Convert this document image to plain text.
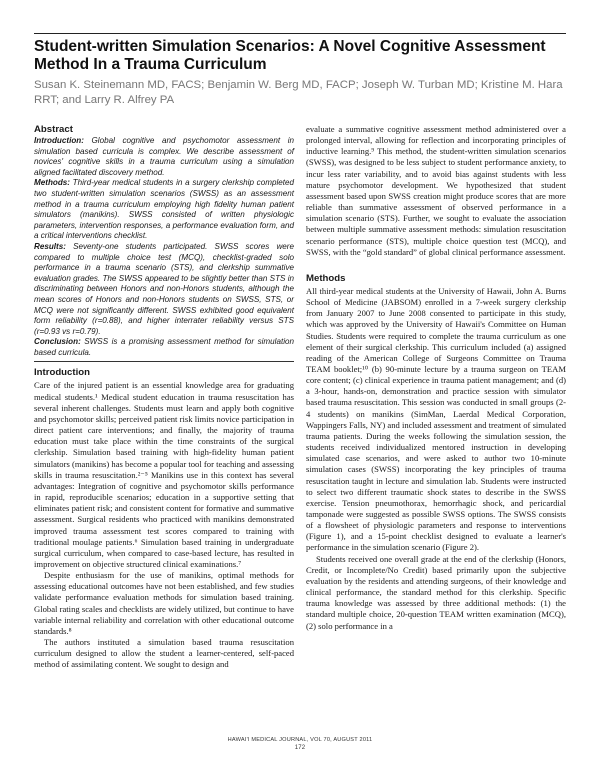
Student-written Simulation Scenarios: A Novel Cognitive Assessment Method In a Trauma Curriculum
Susan K. Steinemann MD, FACS; Benjamin W. Berg MD, FACP; Joseph W. Turban MD; Kristine M. Hara RRT; and Larry R. Alfrey PA
Abstract

Introduction: Global cognitive and psychomotor assessment in simulation based curricula is complex. We describe assessment of novices' cognitive skills in a trauma curriculum using a simulation aligned facilitated discovery method.

Methods: Third-year medical students in a surgery clerkship completed two student-written simulation scenarios (SWSS) as an assessment method in a trauma curriculum employing high fidelity human patient simulators (manikins). SWSS consisted of written physiologic parameters, intervention responses, a performance evaluation form, and a critical interventions checklist.

Results: Seventy-one students participated. SWSS scores were compared to multiple choice test (MCQ), checklist-graded solo performance in a trauma scenario (STS), and clerkship summative evaluation grades. The SWSS appeared to be slightly better than STS in discriminating between Honors and non-Honors students, although the mean scores of Honors and non-Honors students on SWSS, STS, or MCQ were not significantly different. SWSS exhibited good equivalent form reliability (r=0.88), and higher interrater reliability versus STS (r=0.93 vs r=0.79).

Conclusion: SWSS is a promising assessment method for simulation based curricula.

Introduction

Care of the injured patient is an essential knowledge area for graduating medical students.¹ Medical student education in trauma resuscitation has several inherent challenges. Students must learn and apply both cognitive and psychomotor skills; perceived patient risk limits novice participation in direct patient care interventions; and finally, the majority of trauma education must take place within the time constraints of the surgical clerkship. Simulation based training with high-fidelity human patient simulators (manikins) has become a popular tool for teaching and assessing skills in trauma resuscitation.²⁻⁵ Manikins use in this context has several advantages: Integration of cognitive and psychomotor skills performance in rapid, reproducible scenarios; education in a supportive setting that eliminates patient risk; and consistent content for formative and summative assessment. Surgical residents who practiced with manikins demonstrated improved trauma assessment test scores compared to training with traditional moulage patients.⁶ Simulation based training in undergraduate surgical curriculum, when compared to case-based lecture, has resulted in improvement on objective structured clinical examinations.⁷

Despite enthusiasm for the use of manikins, optimal methods for assessing educational outcomes have not been established, and few studies validate performance evaluation methods for simulation based training. Global rating scales and checklists are widely utilized, but continue to have variable internal reliability and correlation with other educational outcome standards.⁸

The authors instituted a simulation based trauma resuscitation curriculum designed to allow the student a learner-centered, self-paced method of assimilating content. We sought to design and

evaluate a summative cognitive assessment method administered over a prolonged interval, allowing for reflection and incorporating principles of inductive learning.⁹ This method, the student-written simulation scenarios (SWSS), was designed to be less subject to student performance anxiety, to incur less rater variability, and to avoid bias against students with less mature psychomotor development. We hypothesized that student assessment based upon SWSS creation might produce scores that are more reliable than summative assessment of observed performance in a simulation scenario (STS). Further, we sought to evaluate the association between multiple summative assessment methods: simulation resuscitation scenario performance (STS), multiple choice question test (MCQ), and SWSS, with the “gold standard” of global clinical performance assessment.

Methods

All third-year medical students at the University of Hawaii, John A. Burns School of Medicine (JABSOM) enrolled in a 7-week surgery clerkship from January 2007 to June 2008 consented to participate in this study, which was approved by the University of Hawaii's Committee on Human Studies. Students were required to complete the trauma curriculum as one element of their surgical clerkship. This curriculum included (a) assigned reading of the American College of Surgeons Committee on Trauma TEAM booklet;¹⁰ (b) 90-minute lecture by a trauma surgeon on TEAM core content; (c) clinical experience in trauma patient management; and (d) a 3-hour, hands-on, demonstration and practice session with simulator based trauma resuscitation. This session was conducted in small groups (2-4 students) on manikins (SimMan, Laerdal Medical Corporation, Wappingers Falls, NY) and included assessment and treatment of simulated trauma patients. During the weeks following the simulation session, the students received individualized mentored instruction in developing simulated case scenarios, and were asked to author two 10-minute simulation cases (SWSS) incorporating the key principles of trauma resuscitation taught in lecture and simulation lab. Students were instructed to select two different traumatic shock states to describe in the SWSS exercise. Tension pneumothorax, hemorrhagic shock, and pericardial tamponade were suggested as possible SWSS options. The SWSS consists of a flowsheet of physiologic parameters and response to interventions (Figure 1), and a 15-point checklist designed to evaluate a learner's performance in the simulation scenario (Figure 2).

Students received one overall grade at the end of the clerkship (Honors, Credit, or Incomplete/No Credit) based primarily upon the subjective evaluation by the residents and attending surgeons, of their knowledge and clinical performance, the standard method for this clerkship. Specific trauma knowledge was assessed by three additional methods: (1) the standard multiple choice, 20-question TEAM written examination (MCQ), (2) solo performance in a

HAWAI'I MEDICAL JOURNAL, VOL 70, AUGUST 2011
172
